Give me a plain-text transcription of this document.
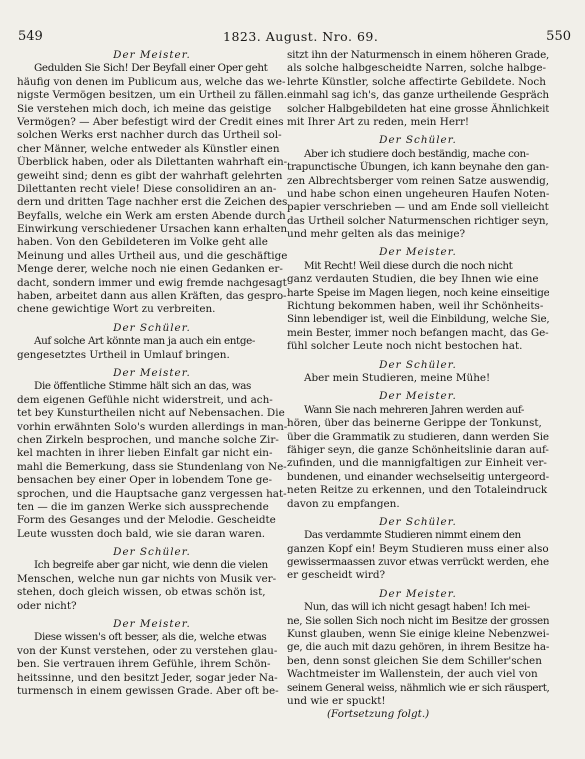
549	1823. August. Nro. 69.	550
Der Meister.
Gedulden Sie Sich! Der Beyfall einer Oper geht
häufig von denen im Publicum aus, welche das we-
nigste Vermögen besitzen, um ein Urtheil zu fällen.
Sie verstehen mich doch, ich meine das geistige
Vermögen? — Aber befestigt wird der Credit eines
solchen Werks erst nachher durch das Urtheil sol-
cher Männer, welche entweder als Künstler einen
Überblick haben, oder als Dilettanten wahrhaft ein-
geweiht sind; denn es gibt der wahrhaft gelehrten
Dilettanten recht viele! Diese consolidiren an an-
dern und dritten Tage nachher erst die Zeichen des
Beyfalls, welche ein Werk am ersten Abende durch
Einwirkung verschiedener Ursachen kann erhalten
haben. Von den Gebildeteren im Volke geht alle
Meinung und alles Urtheil aus, und die geschäftige
Menge derer, welche noch nie einen Gedanken er-
dacht, sondern immer und ewig fremde nachgesagt
haben, arbeitet dann aus allen Kräften, das gespro-
chene gewichtige Wort zu verbreiten.
Der Schüler.
Auf solche Art könnte man ja auch ein entge-
gengesetztes Urtheil in Umlauf bringen.
Der Meister.
Die öffentliche Stimme hält sich an das, was
dem eigenen Gefühle nicht widerstreit, und ach-
tet bey Kunsturtheilen nicht auf Nebensachen. Die
vorhin erwähnten Solo's wurden allerdings in man-
chen Zirkeln besprochen, und manche solche Zir-
kel machten in ihrer lieben Einfalt gar nicht ein-
mahl die Bemerkung, dass sie Stundenlang von Ne-
bensachen bey einer Oper in lobendem Tone ge-
sprochen, und die Hauptsache ganz vergessen hat-
ten — die im ganzen Werke sich aussprechende
Form des Gesanges und der Melodie. Gescheidte
Leute wussten doch bald, wie sie daran waren.
Der Schüler.
Ich begreife aber gar nicht, wie denn die vielen
Menschen, welche nun gar nichts von Musik ver-
stehen, doch gleich wissen, ob etwas schön ist,
oder nicht?
Der Meister.
Diese wissen's oft besser, als die, welche etwas
von der Kunst verstehen, oder zu verstehen glau-
ben. Sie vertrauen ihrem Gefühle, ihrem Schön-
heitssinne, und den besitzt Jeder, sogar jeder Na-
turmensch in einem gewissen Grade. Aber oft be-
sitzt ihn der Naturmensch in einem höheren Grade,
als solche halbgescheidte Narren, solche halbge-
lehrte Künstler, solche affectirte Gebildete. Noch
einmahl sag ich's, das ganze urtheilende Gespräch
solcher Halbgebildeten hat eine grosse Ähnlichkeit
mit Ihrer Art zu reden, mein Herr!
Der Schüler.
Aber ich studiere doch beständig, mache con-
trapunctische Übungen, ich kann beynahe den gan-
zen Albrechtsberger vom reinen Satze auswendig,
und habe schon einen ungeheuren Haufen Noten-
papier verschrieben — und am Ende soll vielleicht
das Urtheil solcher Naturmenschen richtiger seyn,
und mehr gelten als das meinige?
Der Meister.
Mit Recht! Weil diese durch die noch nicht
ganz verdauten Studien, die bey Ihnen wie eine
harte Speise im Magen liegen, noch keine einseitige
Richtung bekommen haben, weil ihr Schönheits-
Sinn lebendiger ist, weil die Einbildung, welche Sie,
mein Bester, immer noch befangen macht, das Ge-
fühl solcher Leute noch nicht bestochen hat.
Der Schüler.
Aber mein Studieren, meine Mühe!
Der Meister.
Wann Sie nach mehreren Jahren werden auf-
hören, über das beinerne Gerippe der Tonkunst,
über die Grammatik zu studieren, dann werden Sie
fähiger seyn, die ganze Schönheitslinie daran auf-
zufinden, und die mannigfaltigen zur Einheit ver-
bundenen, und einander wechselseitig untergeord-
neten Reitze zu erkennen, und den Totaleindruck
davon zu empfangen.
Der Schüler.
Das verdammte Studieren nimmt einem den
ganzen Kopf ein! Beym Studieren muss einer also
gewissermaassen zuvor etwas verrückt werden, ehe
er gescheidt wird?
Der Meister.
Nun, das will ich nicht gesagt haben! Ich mei-
ne, Sie sollen Sich noch nicht im Besitze der grossen
Kunst glauben, wenn Sie einige kleine Nebenzwei-
ge, die auch mit dazu gehören, in ihrem Besitze ha-
ben, denn sonst gleichen Sie dem Schiller'schen
Wachtmeister im Wallenstein, der auch viel von
seinem General weiss, nähmlich wie er sich räuspert,
und wie er spuckt!
(Fortsetzung folgt.)
